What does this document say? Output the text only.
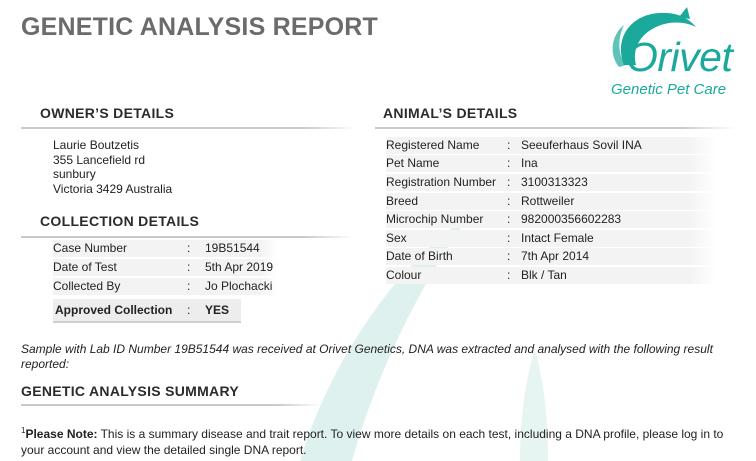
GENETIC ANALYSIS REPORT
Orivet
Genetic Pet Care
OWNER’S DETAILS
Laurie Boutzetis
355 Lancefield rd
sunbury
Victoria 3429 Australia
COLLECTION DETAILS
Case Number	: 19B51544
Date of Test	: 5th Apr 2019
Collected By	: Jo Plochacki
Approved Collection : YES
ANIMAL’S DETAILS
Registered Name : Seeuferhaus Sovil INA
Pet Name	: Ina
Registration Number : 3100313323
Breed	: Rottweiler
Microchip Number : 982000356602283
Sex	: Intact Female
Date of Birth	: 7th Apr 2014
Colour	: Blk / Tan
Sample with Lab ID Number 19B51544 was received at Orivet Genetics, DNA was extracted and analysed with the following result reported:
GENETIC ANALYSIS SUMMARY
$^1$Please Note: This is a summary disease and trait report. To view more details on each test, including a DNA profile, please log in to your account and view the detailed single DNA report.
